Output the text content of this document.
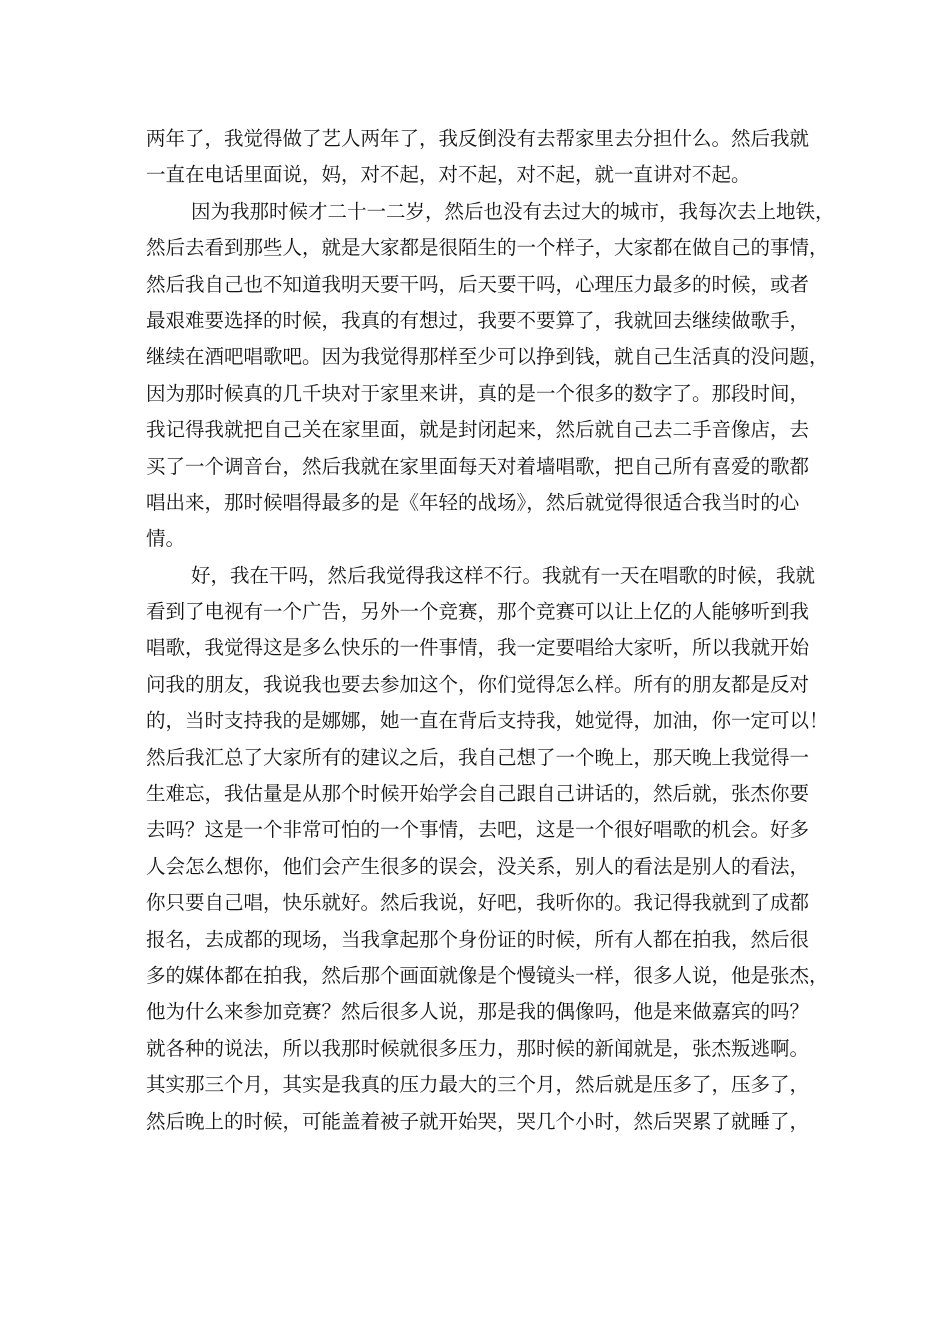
两年了，我觉得做了艺人两年了，我反倒没有去帮家里去分担什么。然后我就
一直在电话里面说，妈，对不起，对不起，对不起，就一直讲对不起。
因为我那时候才二十一二岁，然后也没有去过大的城市，我每次去上地铁，
然后去看到那些人，就是大家都是很陌生的一个样子，大家都在做自己的事情，
然后我自己也不知道我明天要干吗，后天要干吗，心理压力最多的时候，或者
最艰难要选择的时候，我真的有想过，我要不要算了，我就回去继续做歌手，
继续在酒吧唱歌吧。因为我觉得那样至少可以挣到钱，就自己生活真的没问题，
因为那时候真的几千块对于家里来讲，真的是一个很多的数字了。那段时间，
我记得我就把自己关在家里面，就是封闭起来，然后就自己去二手音像店，去
买了一个调音台，然后我就在家里面每天对着墙唱歌，把自己所有喜爱的歌都
唱出来，那时候唱得最多的是《年轻的战场》，然后就觉得很适合我当时的心
情。
好，我在干吗，然后我觉得我这样不行。我就有一天在唱歌的时候，我就
看到了电视有一个广告，另外一个竞赛，那个竞赛可以让上亿的人能够听到我
唱歌，我觉得这是多么快乐的一件事情，我一定要唱给大家听，所以我就开始
问我的朋友，我说我也要去参加这个，你们觉得怎么样。所有的朋友都是反对
的，当时支持我的是娜娜，她一直在背后支持我，她觉得，加油，你一定可以！
然后我汇总了大家所有的建议之后，我自己想了一个晚上，那天晚上我觉得一
生难忘，我估量是从那个时候开始学会自己跟自己讲话的，然后就，张杰你要
去吗？这是一个非常可怕的一个事情，去吧，这是一个很好唱歌的机会。好多
人会怎么想你，他们会产生很多的误会，没关系，别人的看法是别人的看法，
你只要自己唱，快乐就好。然后我说，好吧，我听你的。我记得我就到了成都
报名，去成都的现场，当我拿起那个身份证的时候，所有人都在拍我，然后很
多的媒体都在拍我，然后那个画面就像是个慢镜头一样，很多人说，他是张杰，
他为什么来参加竞赛？然后很多人说，那是我的偶像吗，他是来做嘉宾的吗？
就各种的说法，所以我那时候就很多压力，那时候的新闻就是，张杰叛逃啊。
其实那三个月，其实是我真的压力最大的三个月，然后就是压多了，压多了，
然后晚上的时候，可能盖着被子就开始哭，哭几个小时，然后哭累了就睡了，
